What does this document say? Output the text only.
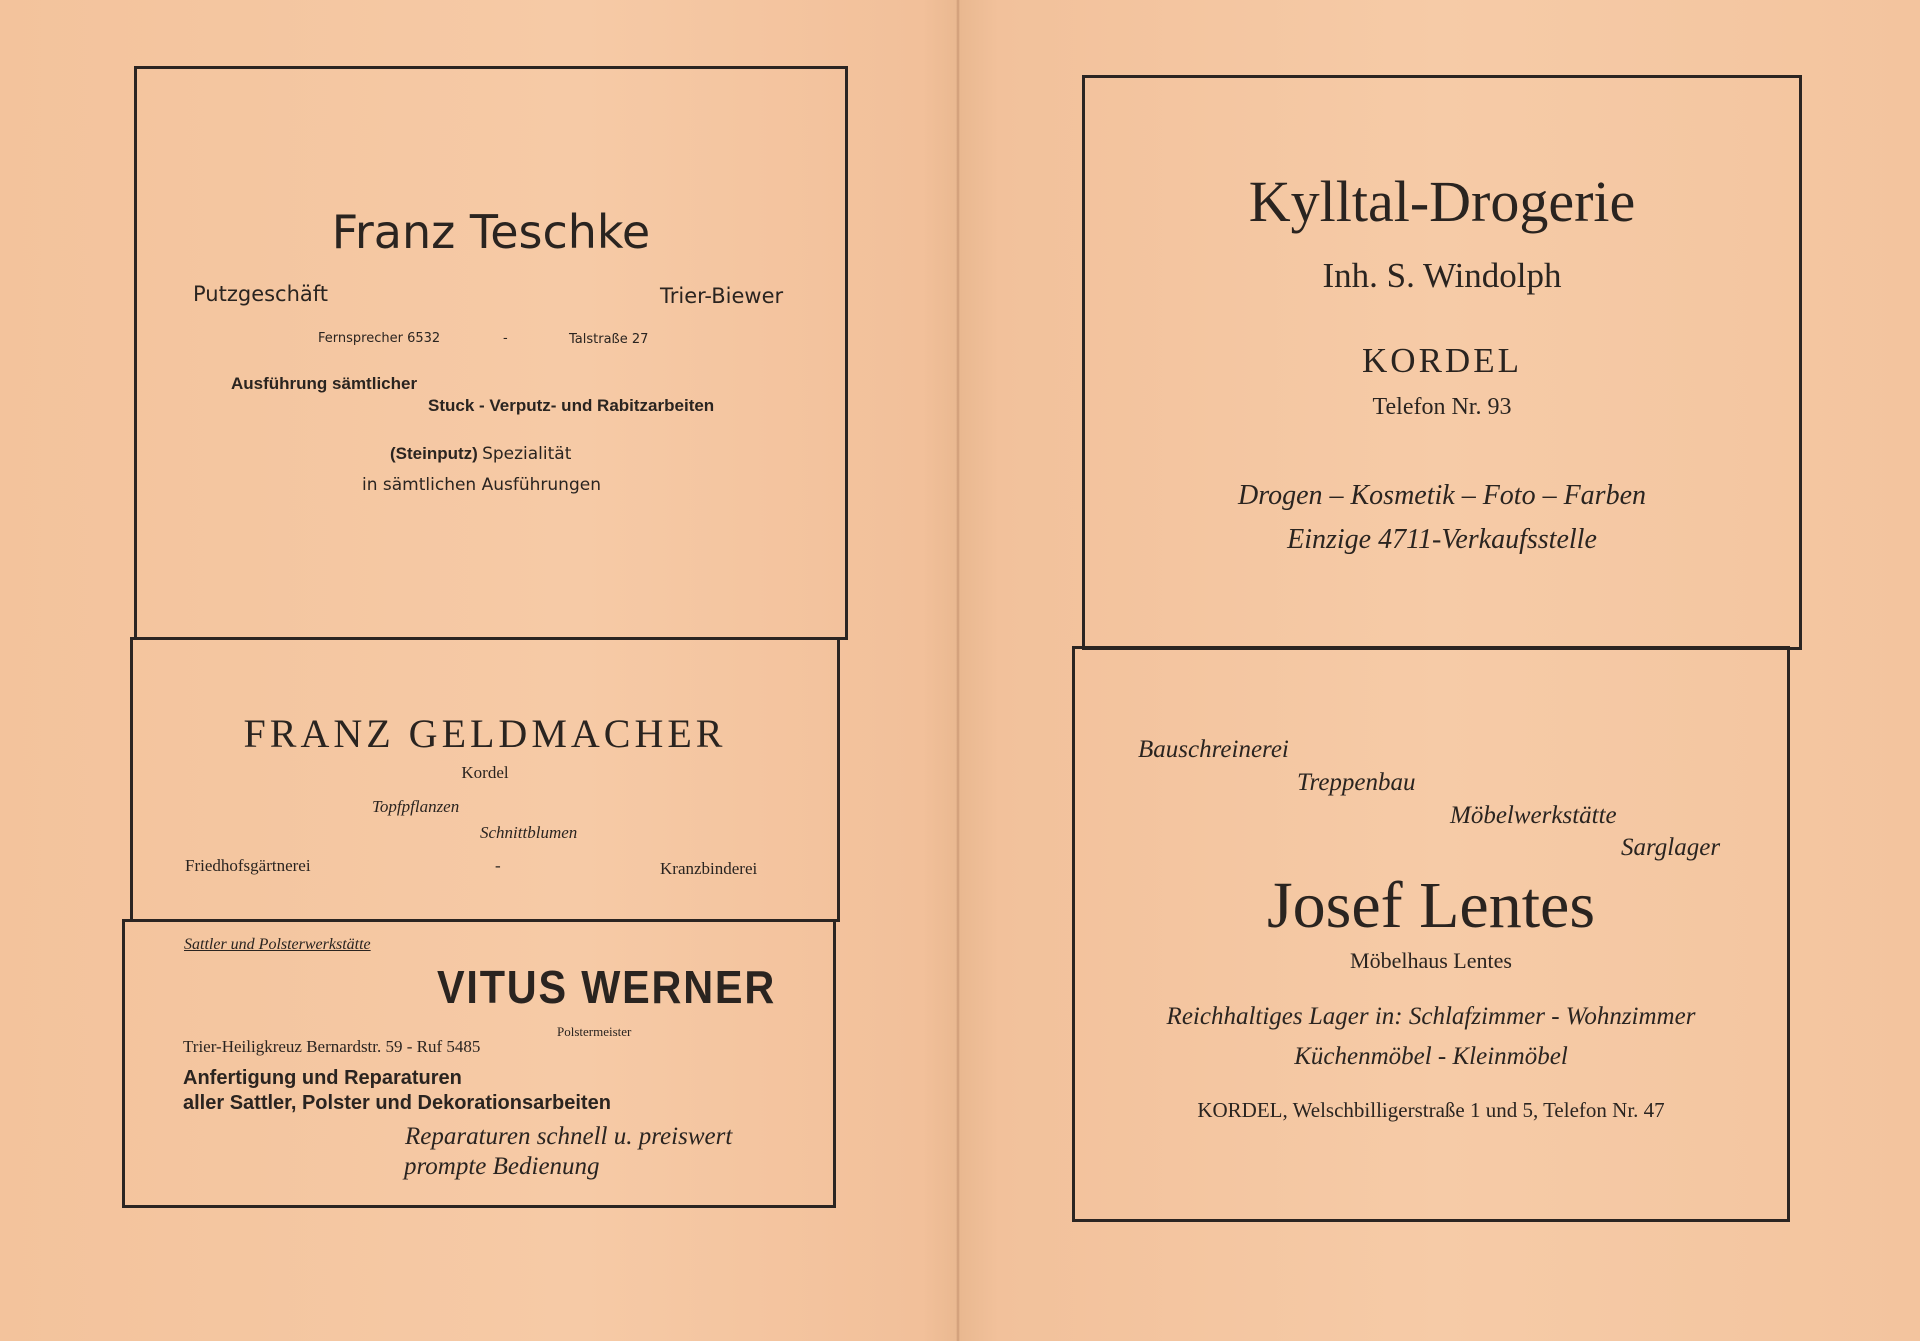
Franz Teschke
Putzgeschäft	Trier-Biewer
Fernsprecher 6532	-	Talstraße 27
Ausführung sämtlicher
Stuck - Verputz- und Rabitzarbeiten
(Steinputz) Spezialität
in sämtlichen Ausführungen
FRANZ GELDMACHER
Kordel
Topfpflanzen
Schnittblumen
Friedhofsgärtnerei	-	Kranzbinderei
Sattler und Polsterwerkstätte
VITUS WERNER
Polstermeister
Trier-Heiligkreuz Bernardstr. 59 - Ruf 5485
Anfertigung und Reparaturen
aller Sattler, Polster und Dekorationsarbeiten
Reparaturen schnell u. preiswert
prompte Bedienung
Kylltal-Drogerie
Inh. S. Windolph
KORDEL
Telefon Nr. 93
Drogen – Kosmetik – Foto – Farben
Einzige 4711-Verkaufsstelle
Bauschreinerei
Treppenbau
Möbelwerkstätte
Sarglager
Josef Lentes
Möbelhaus Lentes
Reichhaltiges Lager in: Schlafzimmer - Wohnzimmer
Küchenmöbel - Kleinmöbel
KORDEL, Welschbilligerstraße 1 und 5, Telefon Nr. 47
